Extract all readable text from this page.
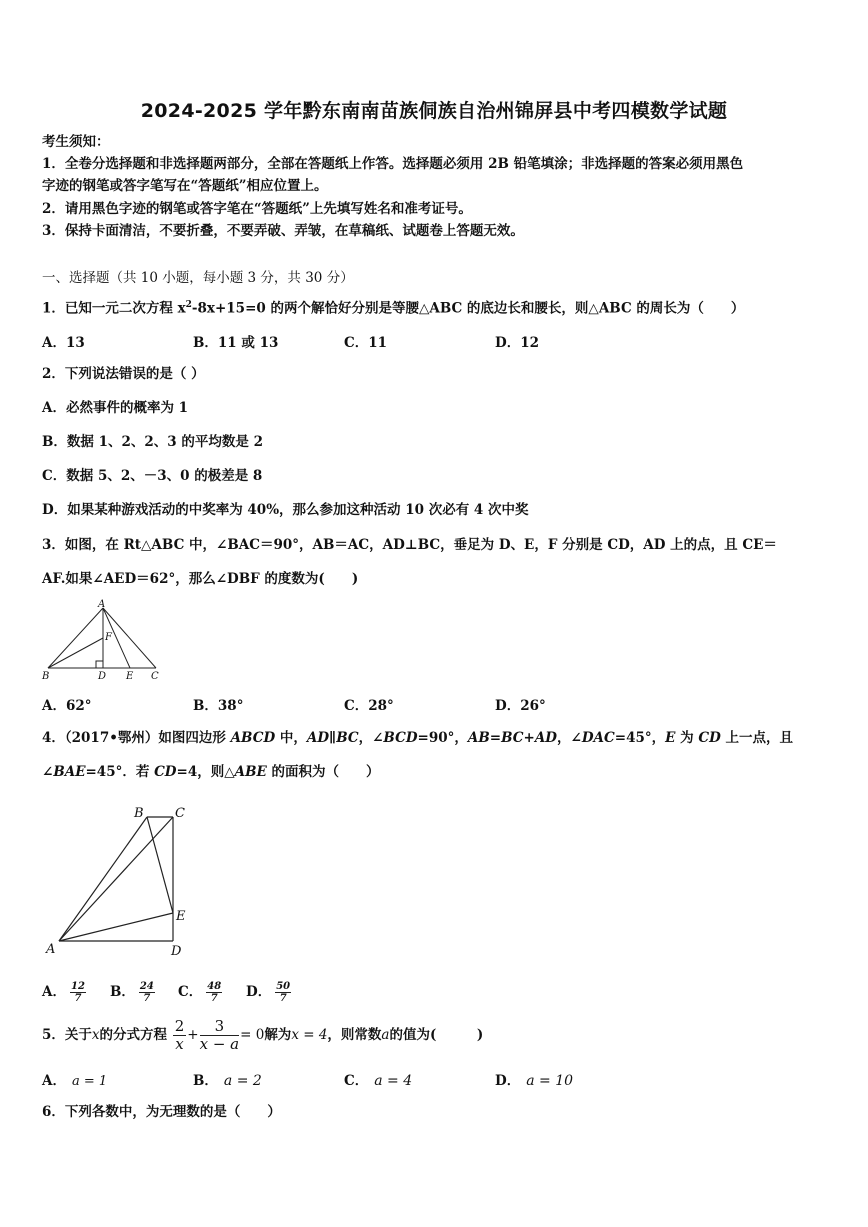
2024-2025 学年黔东南南苗族侗族自治州锦屏县中考四模数学试题
考生须知：
1．全卷分选择题和非选择题两部分，全部在答题纸上作答。选择题必须用 2B 铅笔填涂；非选择题的答案必须用黑色
字迹的钢笔或答字笔写在“答题纸”相应位置上。
2．请用黑色字迹的钢笔或答字笔在“答题纸”上先填写姓名和准考证号。
3．保持卡面清洁，不要折叠，不要弄破、弄皱，在草稿纸、试题卷上答题无效。
一、选择题（共 10 小题，每小题 3 分，共 30 分）
1．已知一元二次方程 $x^2-8x+15=0$ 的两个解恰好分别是等腰△ABC 的底边长和腰长，则△ABC 的周长为（　　）
A．13	B．11 或 13	C．11	D．12
2．下列说法错误的是（ ）
A．必然事件的概率为 1
B．数据 1、2、2、3 的平均数是 2
C．数据 5、2、－3、0 的极差是 8
D．如果某种游戏活动的中奖率为 40%，那么参加这种活动 10 次必有 4 次中奖
3．如图，在 Rt△ABC 中，∠BAC＝90°，AB＝AC，AD⊥BC，垂足为 D、E，F 分别是 CD，AD 上的点，且 CE＝
AF.如果∠AED＝62°，那么∠DBF 的度数为(　　)
A
B	D E C
F
A．62°	B．38°	C．28°	D．26°
4．（2017•鄂州）如图四边形 ABCD 中，AD∥BC，∠BCD=90°，AB=BC+AD，∠DAC=45°，E 为 CD 上一点，且
∠BAE=45°．若 CD=4，则△ABE 的面积为（　　）
B C
E
A	D
A． $\frac{12}{7}$ B． $\frac{24}{7}$ C． $\frac{48}{7}$ D． $\frac{50}{7}$
5．关于x的分式方程 $\frac{2}{x} + \frac{3}{x - a} = 0$解为x = 4，则常数a的值为(　　　)
A． a = 1	B． a = 2	C． a = 4	D． a = 10
6．下列各数中，为无理数的是（　　）
